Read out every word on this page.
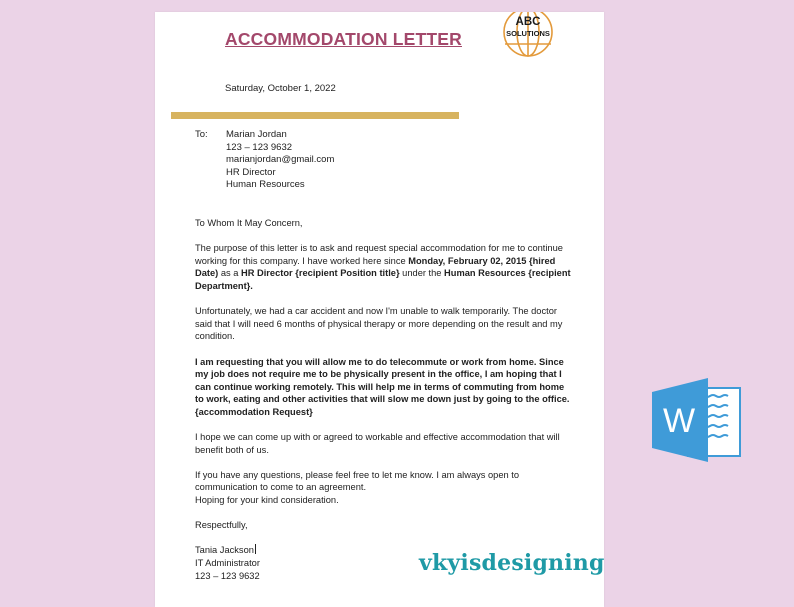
ACCOMMODATION LETTER
ABC
SOLUTIONS
Saturday, October 1, 2022
To: Marian Jordan
123 – 123 9632
marianjordan@gmail.com
HR Director
Human Resources

To Whom It May Concern,

The purpose of this letter is to ask and request special accommodation for me to continue working for this company. I have worked here since Monday, February 02, 2015 {hired Date) as a HR Director {recipient Position title} under the Human Resources {recipient Department}.

Unfortunately, we had a car accident and now I'm unable to walk temporarily. The doctor said that I will need 6 months of physical therapy or more depending on the result and my condition.

I am requesting that you will allow me to do telecommute or work from home. Since my job does not require me to be physically present in the office, I am hoping that I can continue working remotely. This will help me in terms of commuting from home to work, eating and other activities that will slow me down just by going to the office. {accommodation Request}

I hope we can come up with or agreed to workable and effective accommodation that will benefit both of us.

If you have any questions, please feel free to let me know. I am always open to communication to come to an agreement.
Hoping for your kind consideration.

Respectfully,

Tania Jackson

IT Administrator

123 – 123 9632	vkyisdesigning
W
